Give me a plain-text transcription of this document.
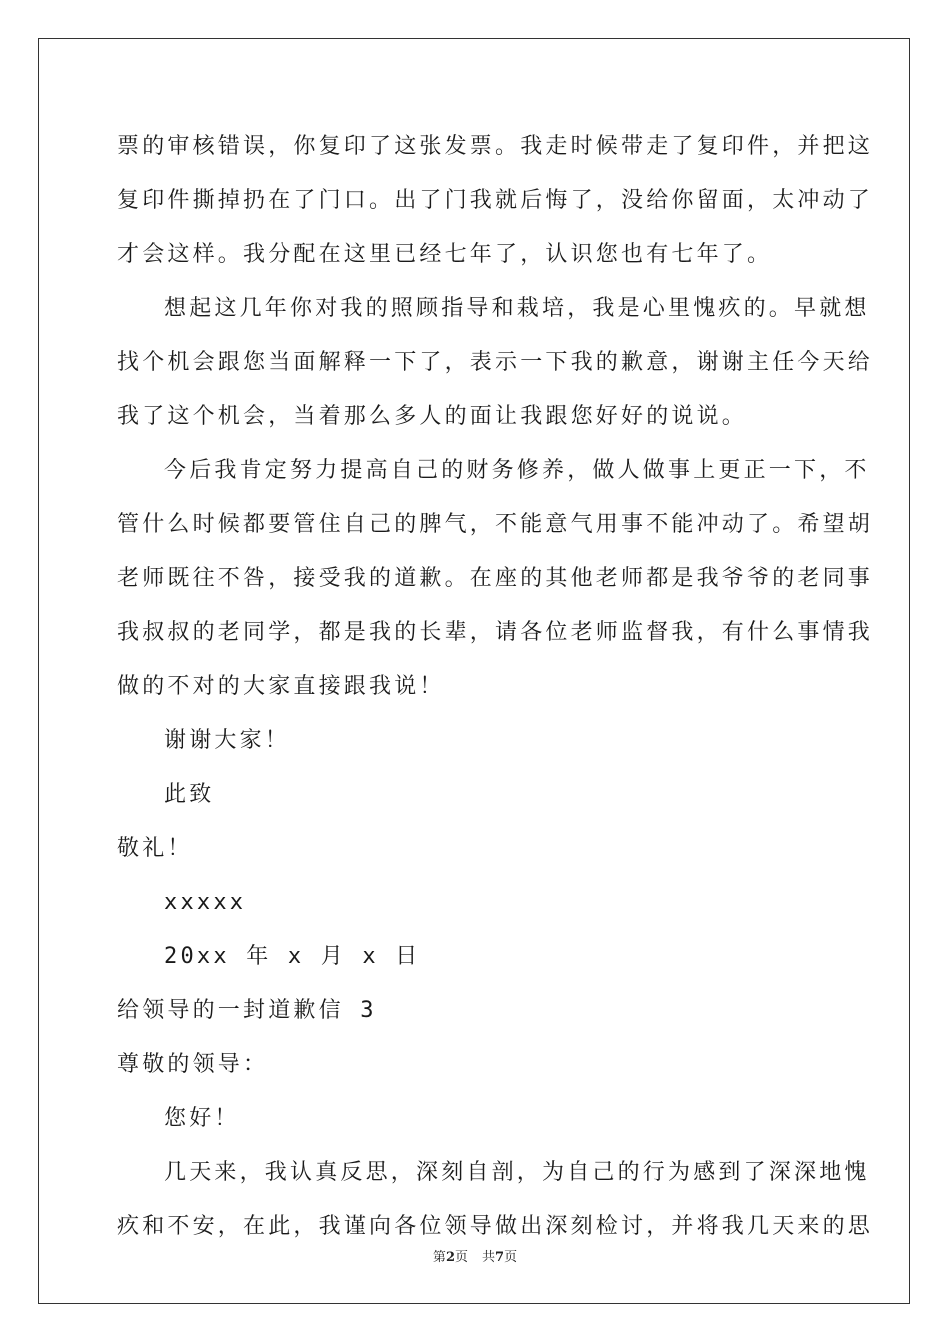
票的审核错误，你复印了这张发票。我走时候带走了复印件，并把这
复印件撕掉扔在了门口。出了门我就后悔了，没给你留面，太冲动了
才会这样。我分配在这里已经七年了，认识您也有七年了。
想起这几年你对我的照顾指导和栽培，我是心里愧疚的。早就想
找个机会跟您当面解释一下了，表示一下我的歉意，谢谢主任今天给
我了这个机会，当着那么多人的面让我跟您好好的说说。
今后我肯定努力提高自己的财务修养，做人做事上更正一下，不
管什么时候都要管住自己的脾气，不能意气用事不能冲动了。希望胡
老师既往不咎，接受我的道歉。在座的其他老师都是我爷爷的老同事
我叔叔的老同学，都是我的长辈，请各位老师监督我，有什么事情我
做的不对的大家直接跟我说！
谢谢大家！
此致
敬礼！
xxxxx
20xx 年 x 月 x 日
给领导的一封道歉信 3
尊敬的领导：
您好！
几天来，我认真反思，深刻自剖，为自己的行为感到了深深地愧
疚和不安，在此，我谨向各位领导做出深刻检讨，并将我几天来的思
第2页 共7页
